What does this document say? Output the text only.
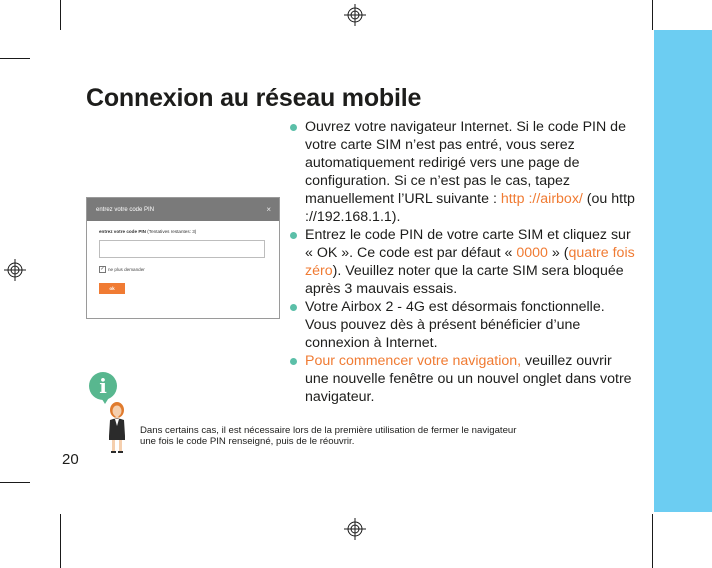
Connexion au réseau mobile
entrez votre code PIN	×
entrez votre code PIN (Tentatives restantes: 3)
✓ ne plus demander
ok
Ouvrez votre navigateur Internet. Si le code PIN de votre carte SIM n’est pas entré, vous serez automatiquement redirigé vers une page de configuration. Si ce n’est pas le cas, tapez manuellement l’URL suivante : http ://airbox/ (ou http ://192.168.1.1).
Entrez le code PIN de votre carte SIM et cliquez sur « OK ». Ce code est par défaut « 0000 » (quatre fois zéro). Veuillez noter que la carte SIM sera bloquée après 3 mauvais essais.
Votre Airbox 2 - 4G est désormais fonctionnelle. Vous pouvez dès à présent bénéficier d’une connexion à Internet.
Pour commencer votre navigation, veuillez ouvrir une nouvelle fenêtre ou un nouvel onglet dans votre navigateur.
i
Dans certains cas, il est nécessaire lors de la première utilisation de fermer le navigateur
une fois le code PIN renseigné, puis de le réouvrir.
20
